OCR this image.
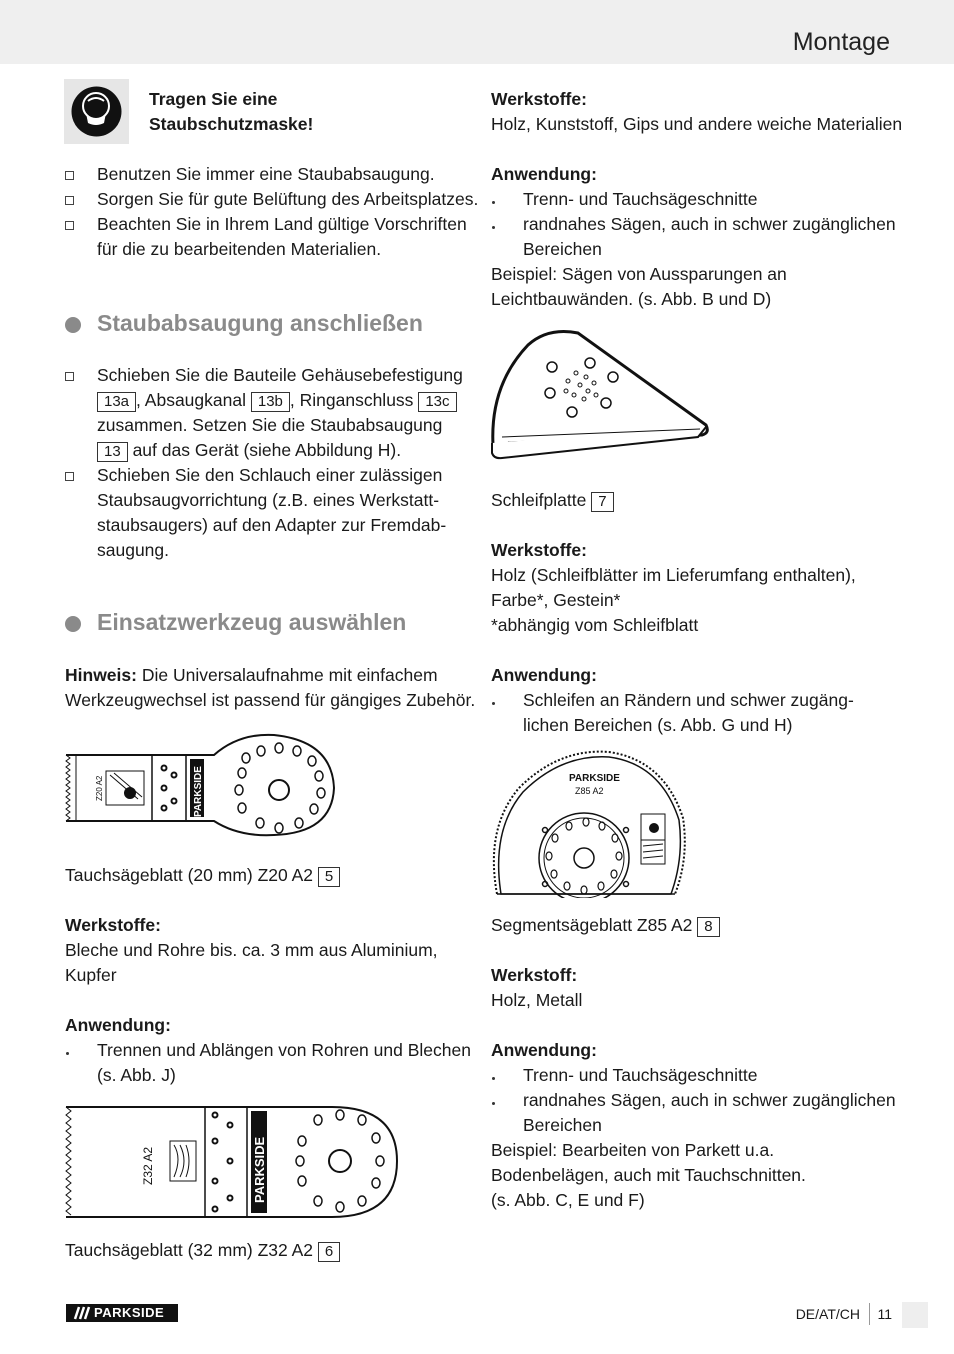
Montage
Tragen Sie eine
Staubschutzmaske!
Benutzen Sie immer eine Staubabsaugung.
Sorgen Sie für gute Belüftung des Arbeitsplatzes.
Beachten Sie in Ihrem Land gültige Vorschriften
für die zu bearbeitenden Materialien.
Staubabsaugung anschließen
Schieben Sie die Bauteile Gehäusebefestigung
13a , Absaugkanal 13b , Ringanschluss 13c
zusammen. Setzen Sie die Staubabsaugung
13 auf das Gerät (siehe Abbildung H).
Schieben Sie den Schlauch einer zulässigen
Staubsaugvorrichtung (z.B. eines Werkstatt-
staubsaugers) auf den Adapter zur Fremdab-
saugung.
Einsatzwerkzeug auswählen
Hinweis: Die Universalaufnahme mit einfachem
Werkzeugwechsel ist passend für gängiges Zubehör.
PARKSIDE
Z20 A2
Tauchsägeblatt (20 mm) Z20 A2 5
Werkstoffe:
Bleche und Rohre bis. ca. 3 mm aus Aluminium,
Kupfer
Anwendung:
Trennen und Ablängen von Rohren und Blechen
(s. Abb. J)
PARKSIDE
Z32 A2
Tauchsägeblatt (32 mm) Z32 A2 6
Werkstoffe:
Holz, Kunststoff, Gips und andere weiche Materialien
Anwendung:
Trenn- und Tauchsägeschnitte
randnahes Sägen, auch in schwer zugänglichen
Bereichen
Beispiel: Sägen von Aussparungen an
Leichtbauwänden. (s. Abb. B und D)
Schleifplatte 7
Werkstoffe:
Holz (Schleifblätter im Lieferumfang enthalten),
Farbe*, Gestein*
*abhängig vom Schleifblatt
Anwendung:
Schleifen an Rändern und schwer zugäng-
lichen Bereichen (s. Abb. G und H)
PARKSIDE
Z85 A2
Segmentsägeblatt Z85 A2 8
Werkstoff:
Holz, Metall
Anwendung:
Trenn- und Tauchsägeschnitte
randnahes Sägen, auch in schwer zugänglichen
Bereichen
Beispiel: Bearbeiten von Parkett u.a.
Bodenbelägen, auch mit Tauchschnitten.
(s. Abb. C, E und F)
PARKSIDE	DE/AT/CH 11
